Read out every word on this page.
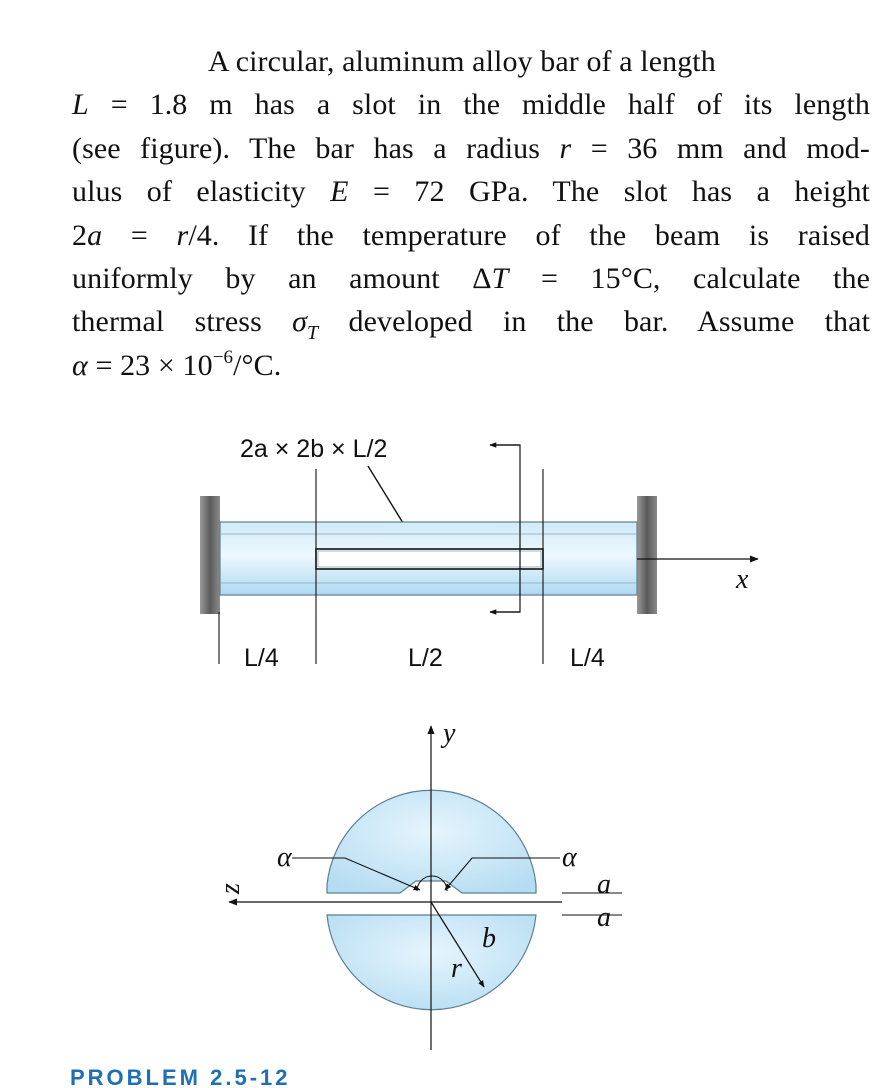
A circular, aluminum alloy bar of a length
L = 1.8 m has a slot in the middle half of its length
(see figure). The bar has a radius r = 36 mm and mod-
ulus of elasticity E = 72 GPa. The slot has a height
2a = r/4. If the temperature of the beam is raised
uniformly by an amount ΔT = 15°C, calculate the
thermal stress $\sigma_T$ developed in the bar. Assume that
$\alpha = 23 \times 10^{-6}/^\circ C$.
2a × 2b × L/2
x
L/4	L/2	L/4
α	α
y
z	a
a
r
b
PROBLEM 2.5-12
